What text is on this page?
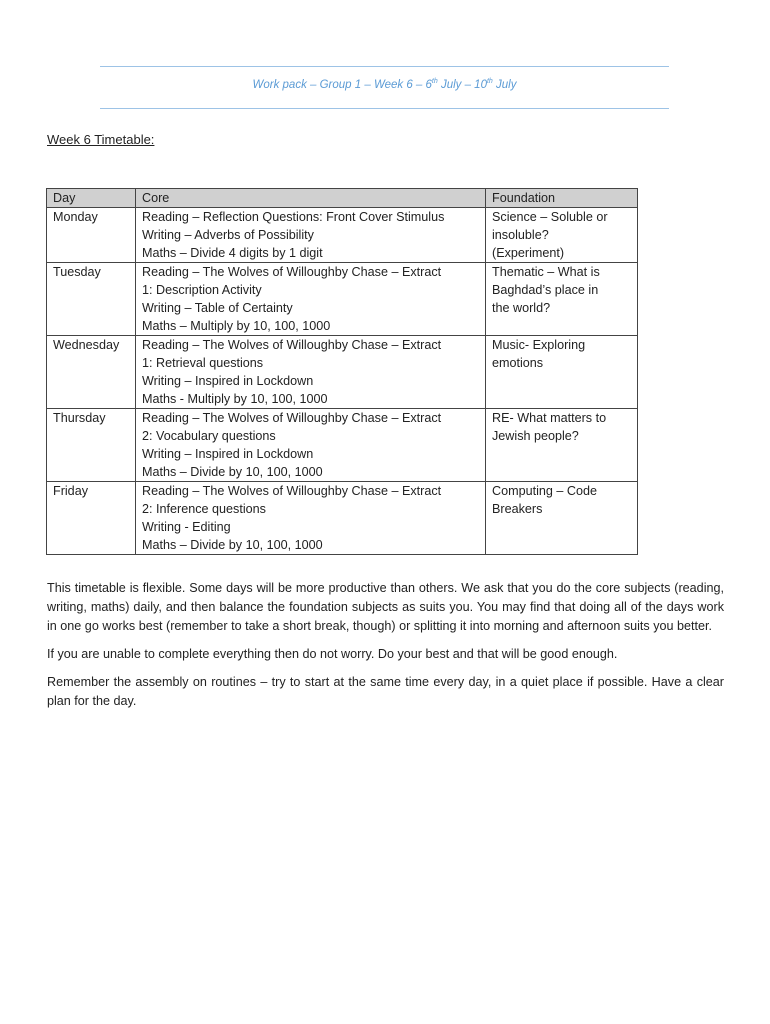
Work pack – Group 1 – Week 6 – 6th July – 10th July
Week 6 Timetable:
Day	Core	Foundation
Monday	Reading – Reflection Questions: Front Cover Stimulus
Writing – Adverbs of Possibility
Maths – Divide 4 digits by 1 digit	Science – Soluble or
insoluble?
(Experiment)

Tuesday	Reading – The Wolves of Willoughby Chase – Extract
1: Description Activity
Writing – Table of Certainty
Maths – Multiply by 10, 100, 1000	Thematic – What is
Baghdad’s place in
the world?

Wednesday	Reading – The Wolves of Willoughby Chase – Extract
1: Retrieval questions
Writing – Inspired in Lockdown
Maths - Multiply by 10, 100, 1000	Music- Exploring
emotions

Thursday	Reading – The Wolves of Willoughby Chase – Extract
2: Vocabulary questions
Writing – Inspired in Lockdown
Maths – Divide by 10, 100, 1000	RE- What matters to
Jewish people?

Friday	Reading – The Wolves of Willoughby Chase – Extract
2: Inference questions
Writing - Editing
Maths – Divide by 10, 100, 1000	Computing – Code
Breakers

This timetable is flexible. Some days will be more productive than others. We ask that you do the core subjects (reading, writing, maths) daily, and then balance the foundation subjects as suits you. You may find that doing all of the days work in one go works best (remember to take a short break, though) or splitting it into morning and afternoon suits you better.

If you are unable to complete everything then do not worry. Do your best and that will be good enough.

Remember the assembly on routines – try to start at the same time every day, in a quiet place if possible. Have a clear plan for the day.
